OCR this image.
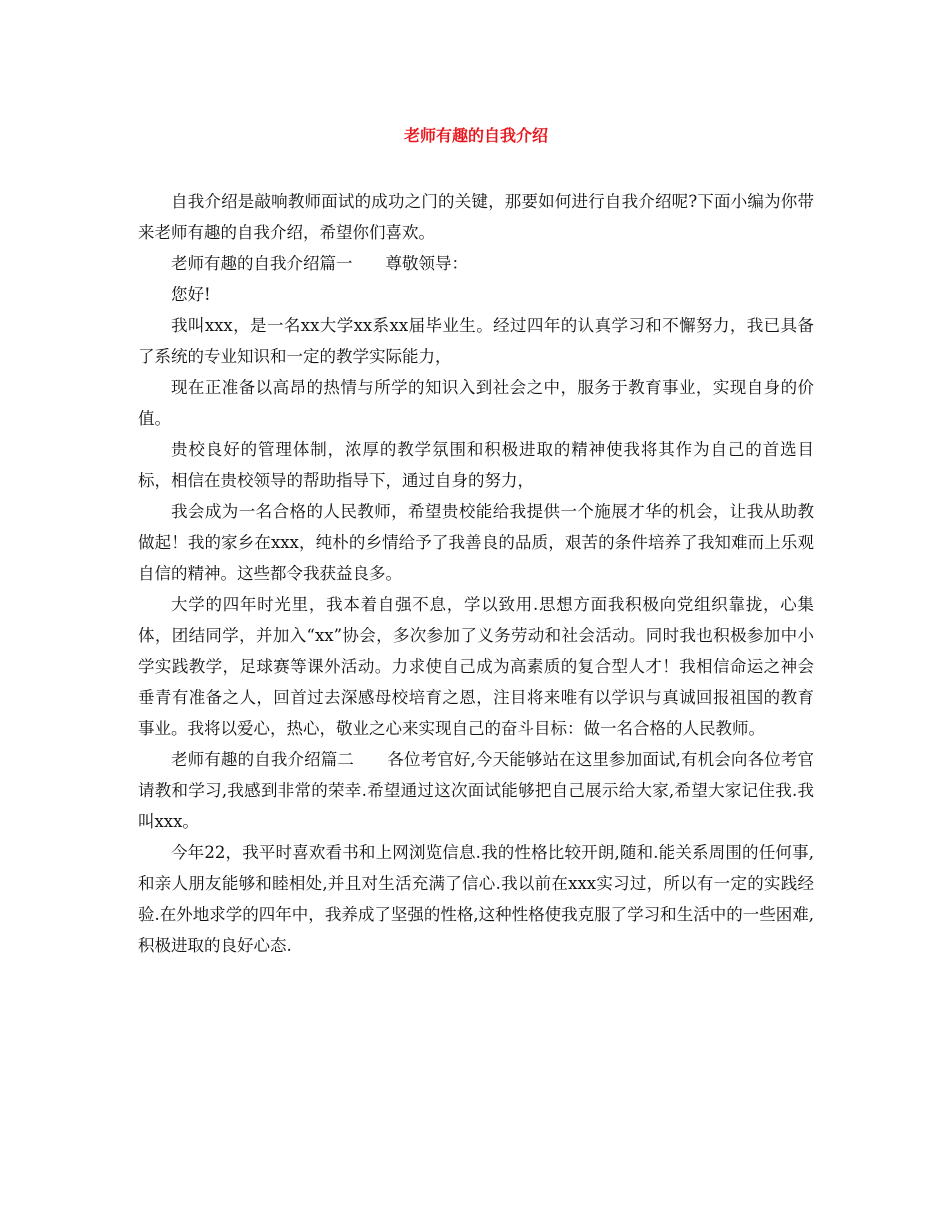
老师有趣的自我介绍

自我介绍是敲响教师面试的成功之门的关键，那要如何进行自我介绍呢?下面小编为你带来老师有趣的自我介绍，希望你们喜欢。

老师有趣的自我介绍篇一　　尊敬领导：

您好!

我叫xxx，是一名xx大学xx系xx届毕业生。经过四年的认真学习和不懈努力，我已具备了系统的专业知识和一定的教学实际能力，

现在正准备以高昂的热情与所学的知识入到社会之中，服务于教育事业，实现自身的价值。

贵校良好的管理体制，浓厚的教学氛围和积极进取的精神使我将其作为自己的首选目标，相信在贵校领导的帮助指导下，通过自身的努力，

我会成为一名合格的人民教师，希望贵校能给我提供一个施展才华的机会，让我从助教做起！我的家乡在xxx，纯朴的乡情给予了我善良的品质，艰苦的条件培养了我知难而上乐观自信的精神。这些都令我获益良多。

大学的四年时光里，我本着自强不息，学以致用.思想方面我积极向党组织靠拢，心集体，团结同学，并加入“xx”协会，多次参加了义务劳动和社会活动。同时我也积极参加中小学实践教学，足球赛等课外活动。力求使自己成为高素质的复合型人才！我相信命运之神会垂青有准备之人，回首过去深感母校培育之恩，注目将来唯有以学识与真诚回报祖国的教育事业。我将以爱心，热心，敬业之心来实现自己的奋斗目标：做一名合格的人民教师。

老师有趣的自我介绍篇二　　各位考官好,今天能够站在这里参加面试,有机会向各位考官请教和学习,我感到非常的荣幸.希望通过这次面试能够把自己展示给大家,希望大家记住我.我叫xxx。

今年22，我平时喜欢看书和上网浏览信息.我的性格比较开朗,随和.能关系周围的任何事,和亲人朋友能够和睦相处,并且对生活充满了信心.我以前在xxx实习过，所以有一定的实践经验.在外地求学的四年中，我养成了坚强的性格,这种性格使我克服了学习和生活中的一些困难,积极进取的良好心态.
